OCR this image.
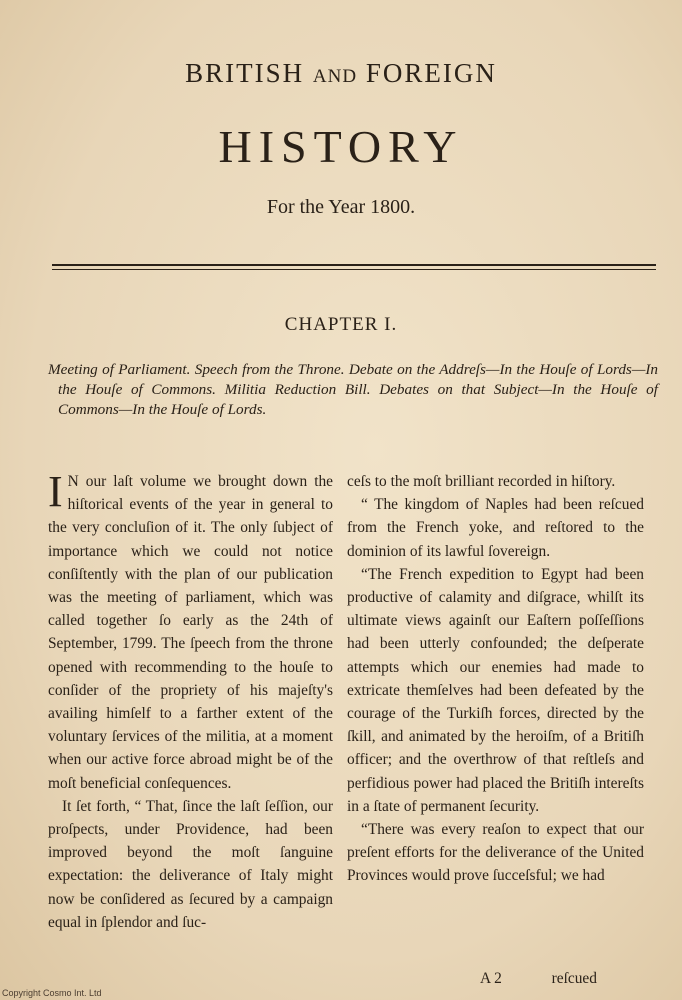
BRITISH AND FOREIGN
HISTORY
For the Year 1800.
CHAPTER I.
Meeting of Parliament. Speech from the Throne. Debate on the Addreſs—In the Houſe of Lords—In the Houſe of Commons. Militia Reduction Bill. Debates on that Subject—In the Houſe of Commons—In the Houſe of Lords.

I N our laſt volume we brought down the hiſtorical events of the year in general to the very concluſion of it. The only ſubject of importance which we could not notice conſiſtently with the plan of our publication was the meeting of parliament, which was called together ſo early as the 24th of September, 1799. The ſpeech from the throne opened with recommending to the houſe to conſider of the propriety of his majeſty's availing himſelf to a farther extent of the voluntary ſervices of the militia, at a moment when our active force abroad might be of the moſt beneficial conſequences.

It ſet forth, “ That, ſince the laſt ſeſſion, our proſpects, under Providence, had been improved beyond the moſt ſanguine expectation: the deliverance of Italy might now be conſidered as ſecured by a campaign equal in ſplendor and ſuc-

ceſs to the moſt brilliant recorded in hiſtory.

“ The kingdom of Naples had been reſcued from the French yoke, and reſtored to the dominion of its lawful ſovereign.

“The French expedition to Egypt had been productive of calamity and diſgrace, whilſt its ultimate views againſt our Eaſtern poſſeſſions had been utterly confounded; the deſperate attempts which our enemies had made to extricate themſelves had been defeated by the courage of the Turkiſh forces, directed by the ſkill, and animated by the heroiſm, of a Britiſh officer; and the overthrow of that reſtleſs and perfidious power had placed the Britiſh intereſts in a ſtate of permanent ſecurity.

“There was every reaſon to expect that our preſent efforts for the deliverance of the United Provinces would prove ſucceſsful; we had

A 2	reſcued
Copyright Cosmo Int. Ltd
